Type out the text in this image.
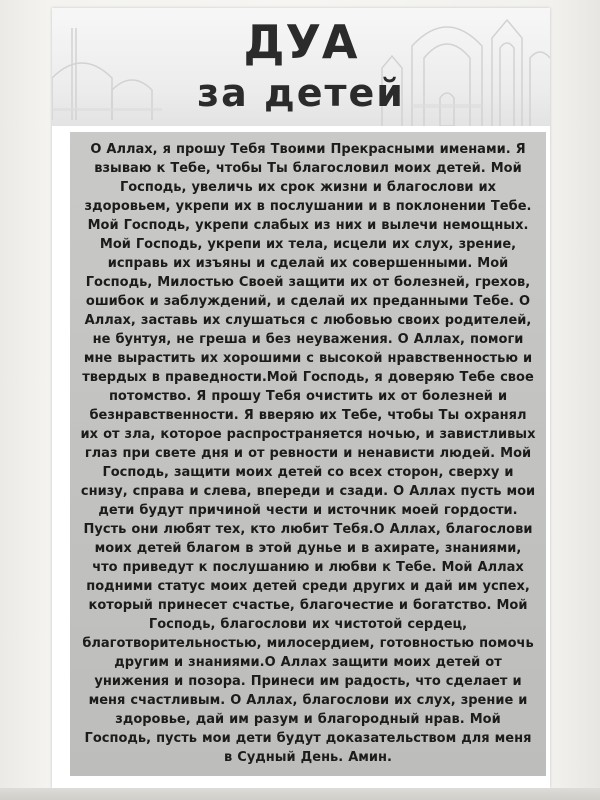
ДУА
за детей

О Аллах, я прошу Тебя Твоими Прекрасными именами. Я взываю к Тебе, чтобы Ты благословил моих детей. Мой Господь, увеличь их срок жизни и благослови их здоровьем, укрепи их в послушании и в поклонении Тебе. Мой Господь, укрепи слабых из них и вылечи немощных. Мой Господь, укрепи их тела, исцели их слух, зрение, исправь их изъяны и сделай их совершенными. Мой Господь, Милостью Своей защити их от болезней, грехов, ошибок и заблуждений, и сделай их преданными Тебе. О Аллах, заставь их слушаться с любовью своих родителей, не бунтуя, не греша и без неуважения. О Аллах, помоги мне вырастить их хорошими с высокой нравственностью и твердых в праведности.Мой Господь, я доверяю Тебе свое потомство. Я прошу Тебя очистить их от болезней и безнравственности. Я вверяю их Тебе, чтобы Ты охранял их от зла, которое распространяется ночью, и завистливых глаз при свете дня и от ревности и ненависти людей. Мой Господь, защити моих детей со всех сторон, сверху и снизу, справа и слева, впереди и сзади. О Аллах пусть мои дети будут причиной чести и источник моей гордости. Пусть они любят тех, кто любит Тебя.О Аллах, благослови моих детей благом в этой дунье и в ахирате, знаниями, что приведут к послушанию и любви к Тебе. Мой Аллах подними статус моих детей среди других и дай им успех, который принесет счастье, благочестие и богатство. Мой Господь, благослови их чистотой сердец, благотворительностью, милосердием, готовностью помочь другим и знаниями.О Аллах защити моих детей от унижения и позора. Принеси им радость, что сделает и меня счастливым. О Аллах, благослови их слух, зрение и здоровье, дай им разум и благородный нрав. Мой Господь, пусть мои дети будут доказательством для меня в Судный День. Амин.
